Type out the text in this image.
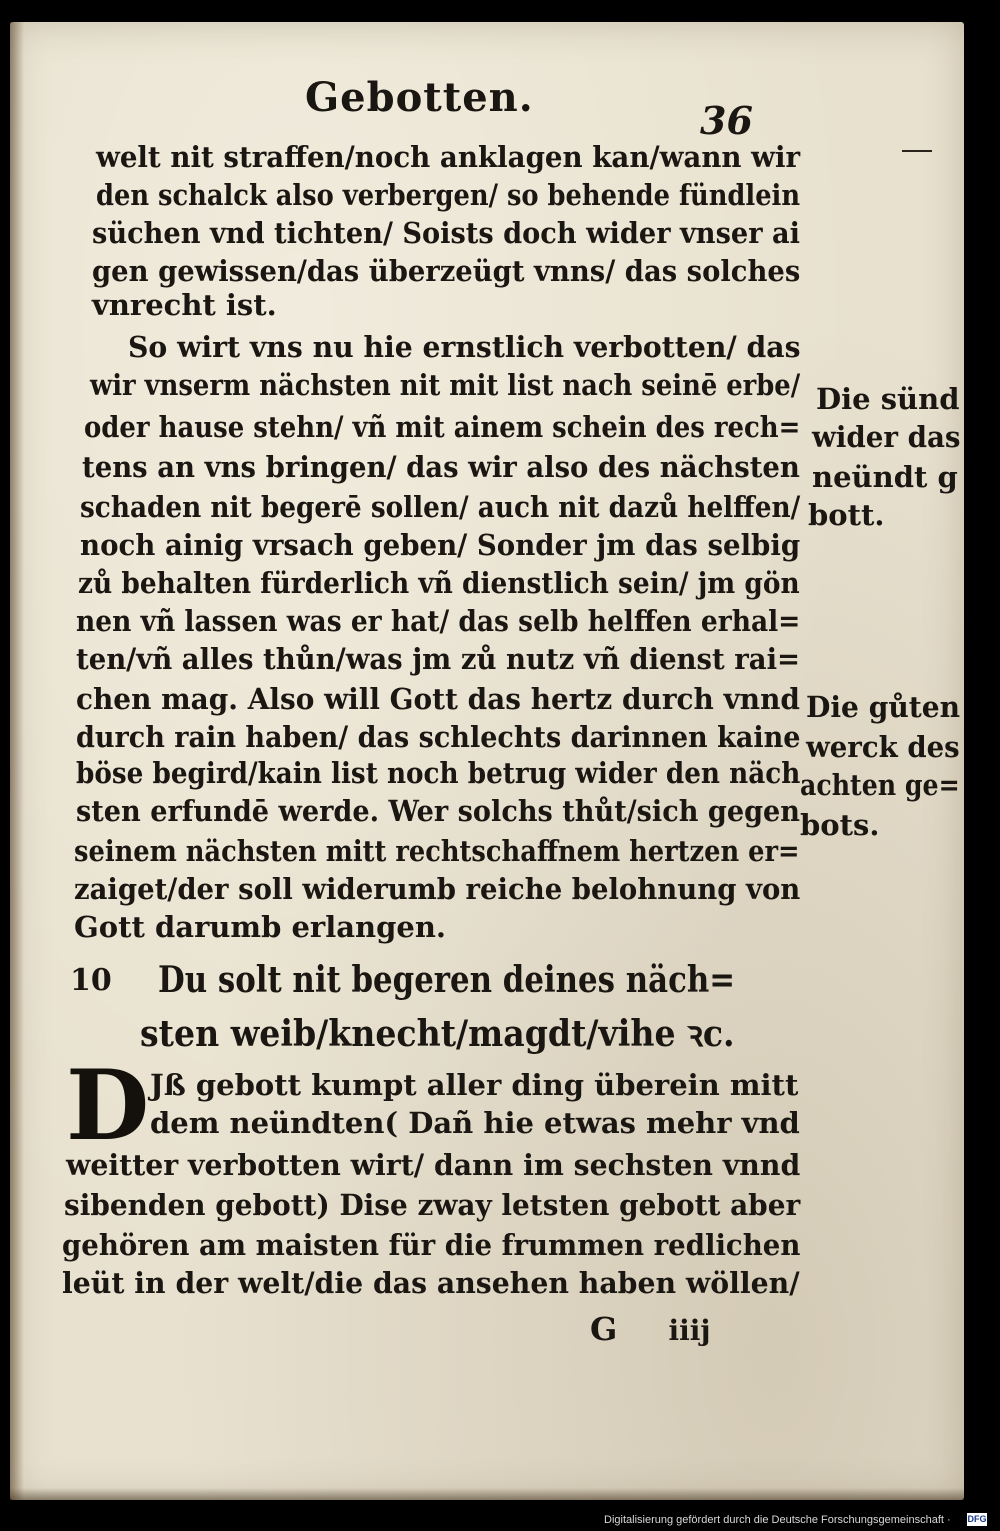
Gebotten.	36
welt nit straffen/noch anklagen kan/wann wir
den schalck also verbergen/ so behende fündlein
süchen vnd tichten/ Soists doch wider vnser ai
gen gewissen/das überzeügt vnns/ das solches
vnrecht ist.
So wirt vns nu hie ernstlich verbotten/ das
wir vnserm nächsten nit mit list nach seinē erbe/
oder hause stehn/ vñ mit ainem schein des rech=
tens an vns bringen/ das wir also des nächsten
schaden nit begerē sollen/ auch nit dazů helffen/
noch ainig vrsach geben/ Sonder jm das selbig
zů behalten fürderlich vñ dienstlich sein/ jm gön
nen vñ lassen was er hat/ das selb helffen erhal=
ten/vñ alles thůn/was jm zů nutz vñ dienst rai=
chen mag. Also will Gott das hertz durch vnnd
durch rain haben/ das schlechts darinnen kaine
böse begird/kain list noch betrug wider den näch
sten erfundē werde. Wer solchs thůt/sich gegen
seinem nächsten mitt rechtschaffnem hertzen er=
zaiget/der soll widerumb reiche belohnung von
Gott darumb erlangen.
10 Du solt nit begeren deines näch=
sten weib/knecht/magdt/vihe ꝛc.
D Jß gebott kumpt aller ding überein mitt
dem neündten( Dañ hie etwas mehr vnd
weitter verbotten wirt/ dann im sechsten vnnd
sibenden gebott) Dise zway letsten gebott aber
gehören am maisten für die frummen redlichen
leüt in der welt/die das ansehen haben wöllen/
G iiij
Die sünd
wider das
neündt g
bott.
Die gůten
werck des
achten ge=
bots.
Digitalisierung gefördert durch die Deutsche Forschungsgemeinschaft · DFG
